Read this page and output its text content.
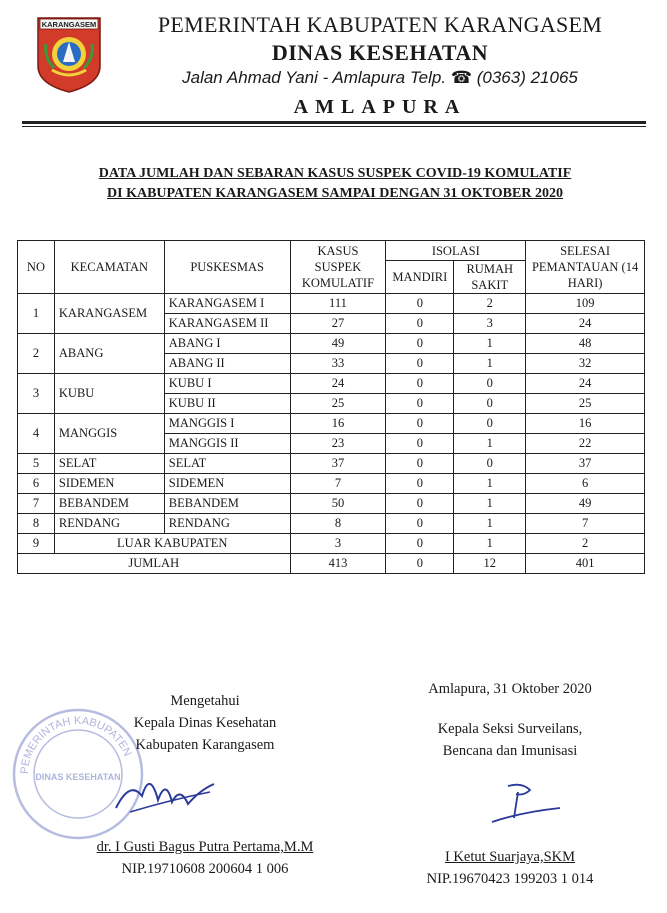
KARANGASEM	PEMERINTAH KABUPATEN KARANGASEM
DINAS KESEHATAN
Jalan Ahmad Yani - Amlapura Telp. ☎ (0363) 21065
AMLAPURA
DATA JUMLAH DAN SEBARAN KASUS SUSPEK COVID-19 KOMULATIF
DI KABUPATEN KARANGASEM SAMPAI DENGAN 31 OKTOBER 2020
NO	KECAMATAN	PUSKESMAS	KASUS SUSPEK KOMULATIF	ISOLASI		SELESAI PEMANTAUAN (14 HARI)
				MANDIRI	RUMAH SAKIT	
1	KARANGASEM	KARANGASEM I	111	0	2	109
		KARANGASEM II	27	0	3	24
2	ABANG	ABANG I	49	0	1	48
		ABANG II	33	0	1	32
3	KUBU	KUBU I	24	0	0	24
		KUBU II	25	0	0	25
4	MANGGIS	MANGGIS I	16	0	0	16
		MANGGIS II	23	0	1	22
5	SELAT	SELAT	37	0	0	37
6	SIDEMEN	SIDEMEN	7	0	1	6
7	BEBANDEM	BEBANDEM	50	0	1	49
8	RENDANG	RENDANG	8	0	1	7
9	LUAR KABUPATEN		3	0	1	2
JUMLAH			413	0	12	401
PEMERINTAH KABUPATEN
DINAS KESEHATAN
Mengetahui
Kepala Dinas Kesehatan
Kabupaten Karangasem
dr. I Gusti Bagus Putra Pertama,M.M
NIP.19710608 200604 1 006
Amlapura, 31 Oktober 2020
Kepala Seksi Surveilans,
Bencana dan Imunisasi
I Ketut Suarjaya,SKM
NIP.19670423 199203 1 014
